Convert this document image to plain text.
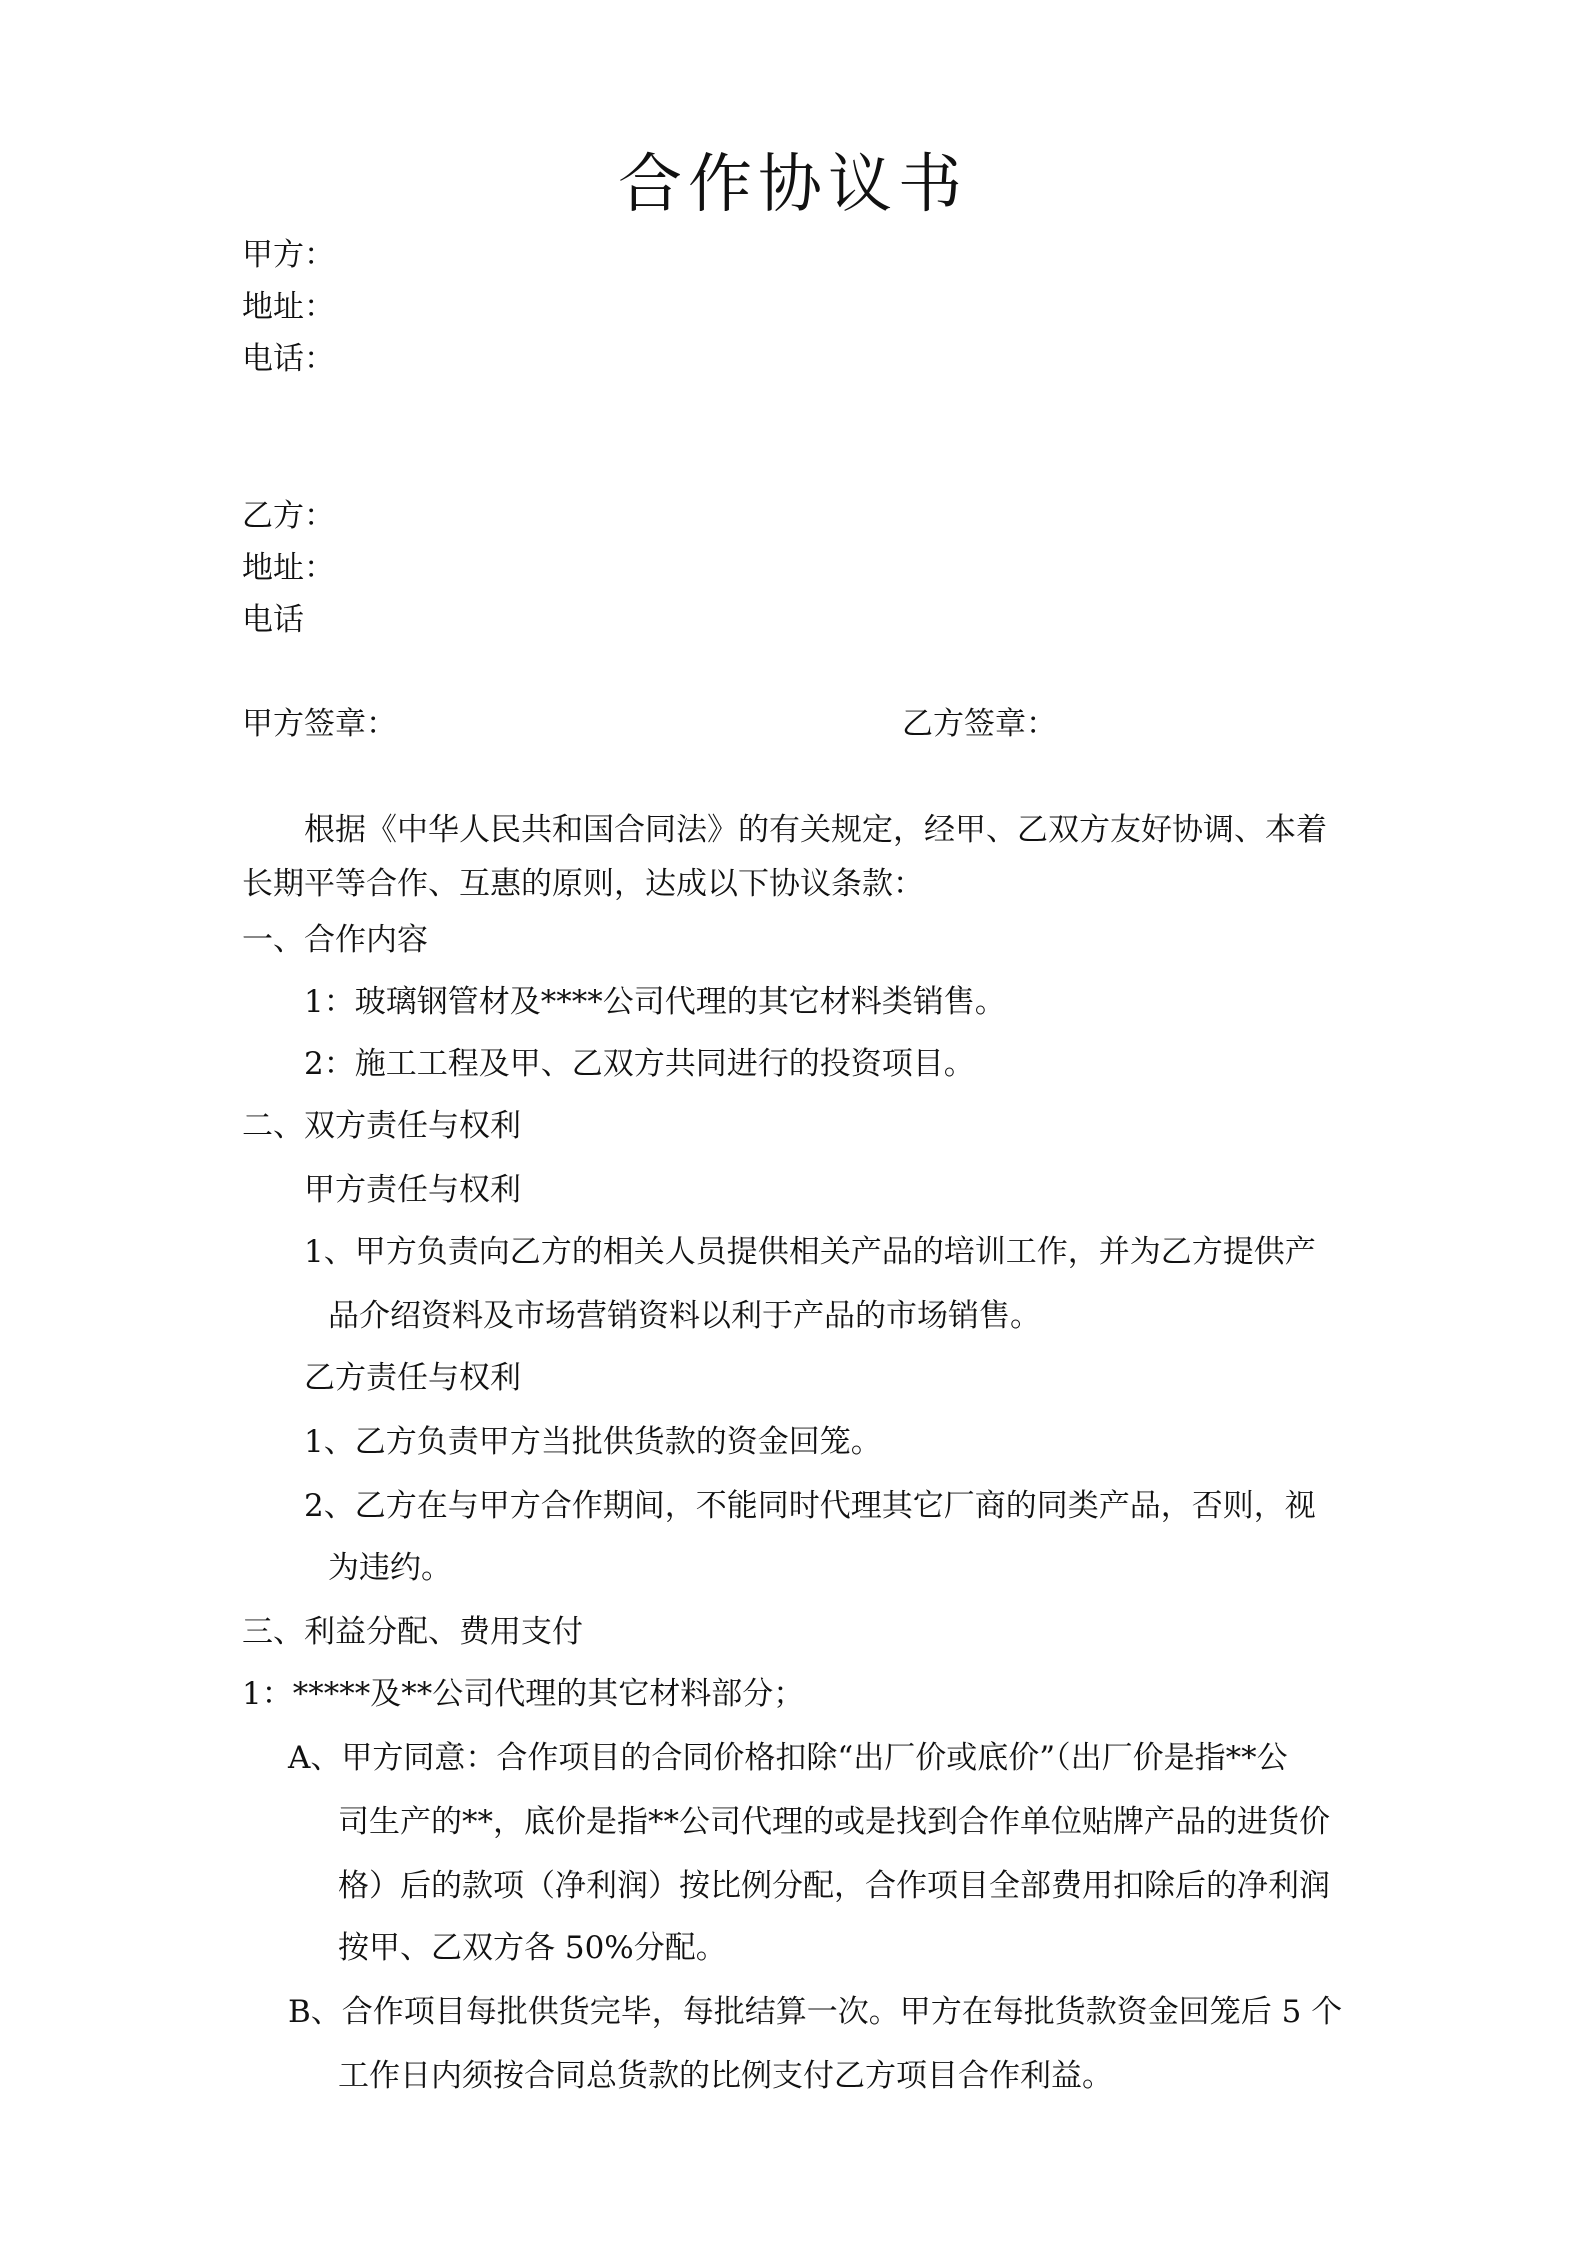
合作协议书
甲方：
地址：
电话：
乙方：
地址：
电话
甲方签章：	乙方签章：
根据《中华人民共和国合同法》的有关规定，经甲、乙双方友好协调、本着
长期平等合作、互惠的原则，达成以下协议条款：
一、合作内容
1：玻璃钢管材及****公司代理的其它材料类销售。
2：施工工程及甲、乙双方共同进行的投资项目。
二、双方责任与权利
甲方责任与权利
1、甲方负责向乙方的相关人员提供相关产品的培训工作，并为乙方提供产
品介绍资料及市场营销资料以利于产品的市场销售。
乙方责任与权利
1、乙方负责甲方当批供货款的资金回笼。
2、乙方在与甲方合作期间，不能同时代理其它厂商的同类产品，否则，视
为违约。
三、利益分配、费用支付
1：*****及**公司代理的其它材料部分；
A、甲方同意：合作项目的合同价格扣除“出厂价或底价”（出厂价是指**公
司生产的**，底价是指**公司代理的或是找到合作单位贴牌产品的进货价
格）后的款项（净利润）按比例分配，合作项目全部费用扣除后的净利润
按甲、乙双方各 50%分配。
B、合作项目每批供货完毕，每批结算一次。甲方在每批货款资金回笼后 5 个
工作日内须按合同总货款的比例支付乙方项目合作利益。
